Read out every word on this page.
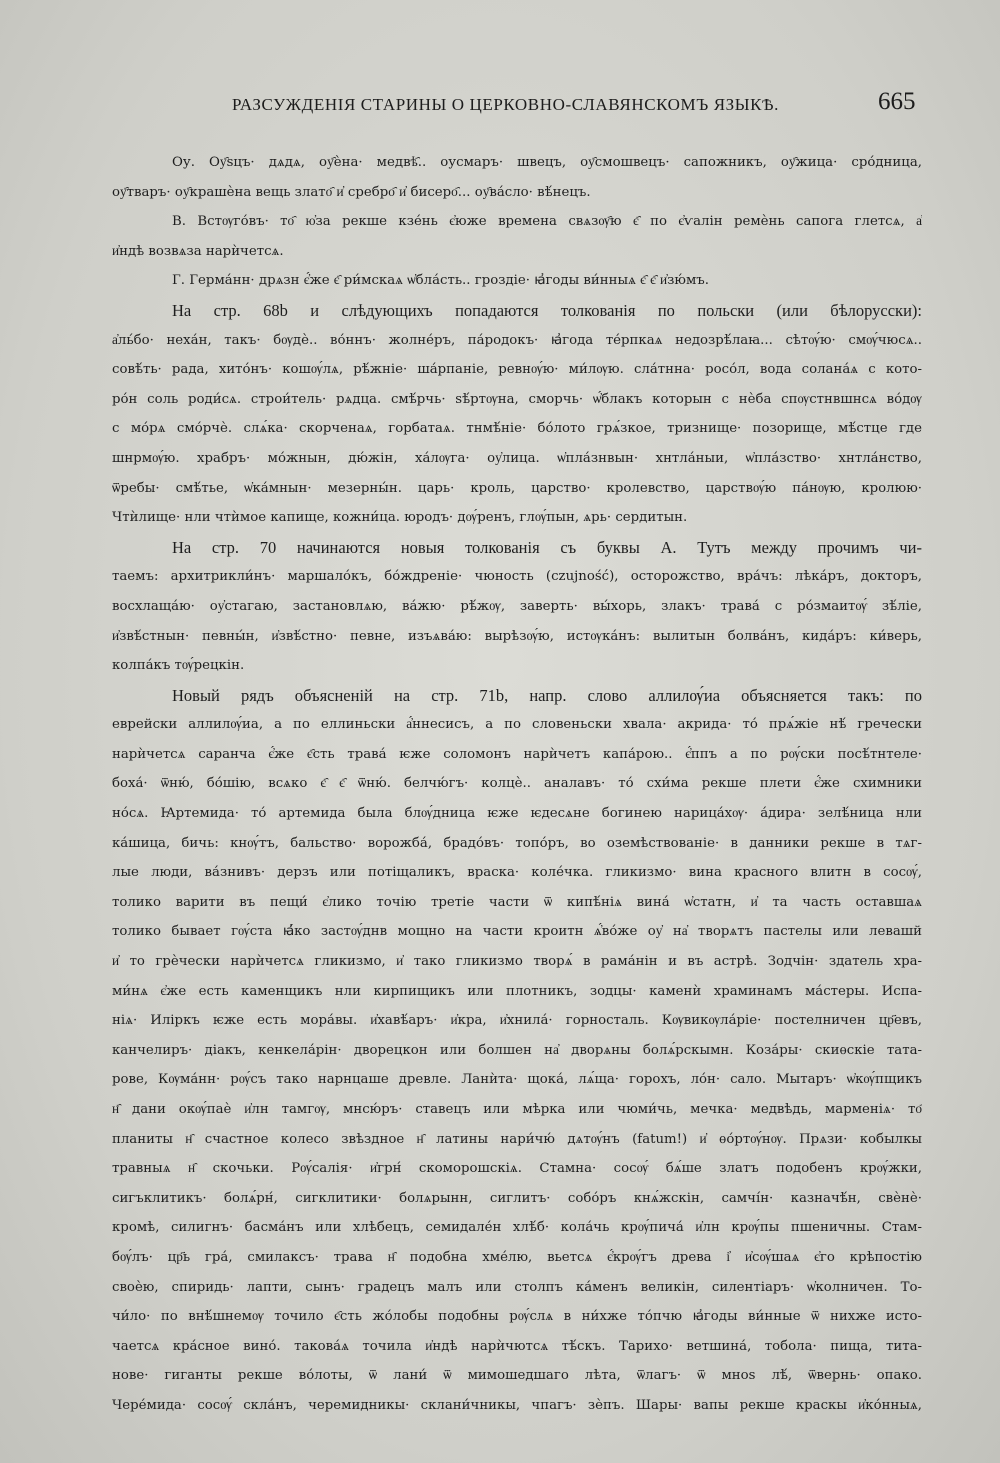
РАЗСУЖДЕНІЯ СТАРИНЫ О ЦЕРКОВНО-СЛАВЯНСКОМЪ ЯЗЫКѢ.	665
Оу. Оу҄ѕцъ· дѧдѧ, оу҄ѐна· медвѣ҄.. оусмаръ· швецъ, оу҄смошвецъ· сапожникъ, оу҄жица· сро́дница,
оу҄тваръ· оу҄крашѐна вещь злато҄ и҆ сребро҄ и҆ бисеро҄... оу҄ва́сло· вѣ́нецъ.
В. Встѹго́въ· то҄ ю҆за рекше кзе́нь є҆юже времена свѧзѹ҄ю є҄ по є҆ѵалін ремѐнь сапога глетсѧ, а҆
и҆ндѣ возвѧза нарѝчетсѧ.
Г. Герма́нн· дрѧзн є҆́же є҄ ри́мскаѧ ѡ҆бла́сть.. гроздіе· ꙗ҆годы ви́нныѧ є҄ є҄ и҆зю́мъ.
На стр. 68b и слѣдующихъ попадаются толкованія по польски (или бѣлорусски):
а҆ль́бо· неха́н, такъ· бѹдѐ.. во́ннъ· жолне́ръ, па́родокъ· ꙗ҆года те́рпкаѧ недозрѣ́лаꙗ... сѣтѹ́ю· смѹ́чюсѧ..
совѣ́ть· рада, хито́нъ· кошѹ́лѧ, рѣ́жніе· ша́рпаніе, ревнѹ́ю· ми́лѹю. сла́тнна· росо́л, вода солана́ѧ с кото-
ро́н соль роди́сѧ. строи́тель· рѧдца. смѣ́рчь· ѕѣ́ртѹна, сморчь· ѡ҆́блакъ которын с нѐба спѹстнвшнсѧ во́дѹ
с мо́рѧ смо́рчѐ. слѧ́ка· скорченаѧ, горбатаѧ. тнмѣ́ніе· бо́лото грѧ́зкое, тризнище· позорище, мѣ́стце где
шнрмѹ́ю. храбръ· мо́жнын, дю́жін, ха́лѹга· оу҆лица. ѡ҆пла́знвын· хнтла́ныи, ѡ҆пла́зство· хнтла́нство,
ѿребы· смѣ́тье, ѡ҆ка́мнын· мезерны́н. царь· кроль, царство· кролевство, царствѹ́ю па́нѹю, кролюю·
Чтѝлище· нли чтѝмое капище, кожни́ца. юродъ· дѹ́ренъ, глѹ́пын, ѧрь· сердитын.
На стр. 70 начинаются новыя толкованія съ буквы А. Тутъ между прочимъ чи-
таемъ: архитрикли́нъ· маршало́къ, бо́ждреніе· чюность (czujność), осторожство, вра́чъ: лѣка́ръ, докторъ,
восхлаща́ю· оу҆стагаю, застановлѧю, ва́жю· рѣ́жѹ, заверть· вы́хорь, злакъ· трава́ с ро́змаитѹ́ зѣ́ліе,
и҆звѣ́стнын· певны́н, и҆звѣ́стно· певне, изъѧва́ю: вырѣзѹ́ю, истѹка́нъ: вылитын болва́нъ, кида́ръ: ки́верь,
колпа́къ тѹ́рецкін.
Новый рядъ объясненій на стр. 71b, напр. слово аллилѹ́иа объясняется такъ: по
еврейски аллилѹ́иа, а по еллиньски а҆́ннесисъ, а по словеньски хвала· акрида· то́ прѧ́жіе нѣ́ гречески
нарѝчетсѧ саранча є҆́же є҄сть трава́ ѥже соломонъ нарѝчетъ капа́рою.. є҆́ппъ а по рѹ́ски посѣ́тнтеле·
боха́· ѿню́, бо́шію, всѧко є҄ є҄ ѿню́. белчю́гъ· колцѐ.. аналавъ· то́ схи́ма рекше плети є҆́же схимники
но́сѧ. Ꙗртемида· то́ артемида была блѹ́дница ѥже ѥдесѧне богинею нарица́хѹ· а́дира· зелѣ́ница нли
ка́шица, бичь: кнѹ́тъ, бальство· ворожба́, брадо́въ· топо́ръ, во оземѣствованіе· в данники рекше в тѧг-
лые люди, ва́знивъ· дерзъ или потіщаликъ, враска· коле́чка. гликизмо· вина красного влитн в сосѹ́,
толико варити въ пещи́ є҆лико точію третіе части ѿ кипѣ́ніѧ вина́ ѡ҆статн, и҆ та часть оставшаѧ
толико бывает гѹ́ста ꙗ҆́ко застѹ́днв мощно на части кроитн ѧ҆́во́же оу҆ на҆ творѧтъ пастелы или левашй
и҆ то грѐчески нарѝчетсѧ гликизмо, и҆ тако гликизмо творѧ́ в рама́нін и въ астрѣ. Зодчін· здатель хра-
ми́нѧ є҆же есть каменщикъ нли кирпищикъ или плотникъ, зодцы· каменѝ храминамъ ма́стеры. Испа-
ніѧ· Иліркъ ѥже есть мора́вы. и҆хавѣ́аръ· и҆кра, и҆хнила́· горносталь. Кѹвикѹла́ріе· постелничен цр҃евъ,
канчелиръ· діакъ, кенкела́рін· дворецкон или болшен на҆ дворѧны болѧ́рскымн. Коза́ры· скиѳскіе тата-
рове, Кѹма́нн· рѹ́съ тако нарнцаше древле. Ланѝта· щока́, лѧ́ща· горохъ, ло́н· сало. Мытаръ· ѡ҆кѹ́пщикъ
н҄ дани окѹ́паѐ и҆лн тамгѹ, мнсю́ръ· ставецъ или мѣрка или чюми́чь, мечка· медвѣдь, марменіѧ· то҄
планиты н҄ счастное колесо звѣздное н҄ латины нари́чю́ дѧтѹ́нъ (fatum!) и҆ ѳо́ртѹ́нѹ. Прѧзи· кобылкы
травныѧ н҄ скочьки. Рѹ́салія· и҆грн́ скоморошскіѧ. Стамна· сосѹ́ бѧ́ше златъ подобенъ крѹ́жки,
сигъклитикъ· болѧ́рн́, сигклитики· болѧрынн, сиглитъ· собо́ръ кнѧ́жскін, самчі́н· казначѣ́н, свѐнѐ·
кромѣ, силигнъ· басма́нъ или хлѣбецъ, семидале́н хлѣ́б· кола́чь крѹ́пича́ и҆лн крѹ́пы пшеничны. Стам-
бѹ́лъ· цр҃ь гра́, смилаксъ· трава н҄ подобна хме́лю, вьетсѧ є҆́крѹ́гъ древа і҆ и҆сѹ́шаѧ є҆го крѣпостію
своѐю, спиридь· лапти, сынъ· градецъ малъ или столпъ ка́менъ великін, силентіаръ· ѡ҆колничен. То-
чи́ло· по внѣ́шнемѹ точило є҄сть жо́лобы подобны рѹ́слѧ в ни́хже то́пчю ꙗ҆годы ви́нные ѿ нихже исто-
чаетсѧ кра́сное вино́. такова́ѧ точила и҆ндѣ нарѝчютсѧ тѣ́скъ. Тарихо· ветшина́, тобола· пища, тита-
нове· гиганты рекше во́лоты, ѿ лани́ ѿ мимошедшаго лѣта, ѿлагъ· ѿ мноѕ лѣ́, ѿвернь· опако.
Чере́мида· сосѹ́ скла́нъ, черемидникы· склани́чникы, чпагъ· зѐпъ. Шары· вапы рекше краскы и҆ко́нныѧ,
